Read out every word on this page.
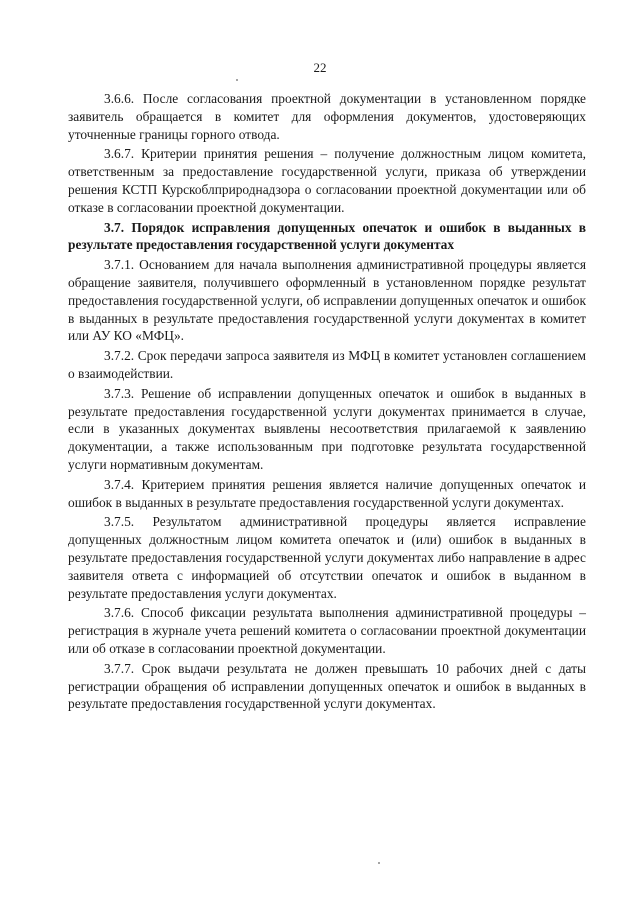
22

3.6.6. После согласования проектной документации в установленном порядке заявитель обращается в комитет для оформления документов, удостоверяющих уточненные границы горного отвода.

3.6.7. Критерии принятия решения – получение должностным лицом комитета, ответственным за предоставление государственной услуги, приказа об утверждении решения КСТП Курскоблприроднадзора о согласовании проектной документации или об отказе в согласовании проектной документации.

3.7. Порядок исправления допущенных опечаток и ошибок в выданных в результате предоставления государственной услуги документах

3.7.1. Основанием для начала выполнения административной процедуры является обращение заявителя, получившего оформленный в установленном порядке результат предоставления государственной услуги, об исправлении допущенных опечаток и ошибок в выданных в результате предоставления государственной услуги документах в комитет или АУ КО «МФЦ».

3.7.2. Срок передачи запроса заявителя из МФЦ в комитет установлен соглашением о взаимодействии.

3.7.3. Решение об исправлении допущенных опечаток и ошибок в выданных в результате предоставления государственной услуги документах принимается в случае, если в указанных документах выявлены несоответствия прилагаемой к заявлению документации, а также использованным при подготовке результата государственной услуги нормативным документам.

3.7.4. Критерием принятия решения является наличие допущенных опечаток и ошибок в выданных в результате предоставления государственной услуги документах.

3.7.5. Результатом административной процедуры является исправление допущенных должностным лицом комитета опечаток и (или) ошибок в выданных в результате предоставления государственной услуги документах либо направление в адрес заявителя ответа с информацией об отсутствии опечаток и ошибок в выданном в результате предоставления услуги документах.

3.7.6. Способ фиксации результата выполнения административной процедуры – регистрация в журнале учета решений комитета о согласовании проектной документации или об отказе в согласовании проектной документации.

3.7.7. Срок выдачи результата не должен превышать 10 рабочих дней с даты регистрации обращения об исправлении допущенных опечаток и ошибок в выданных в результате предоставления государственной услуги документах.
